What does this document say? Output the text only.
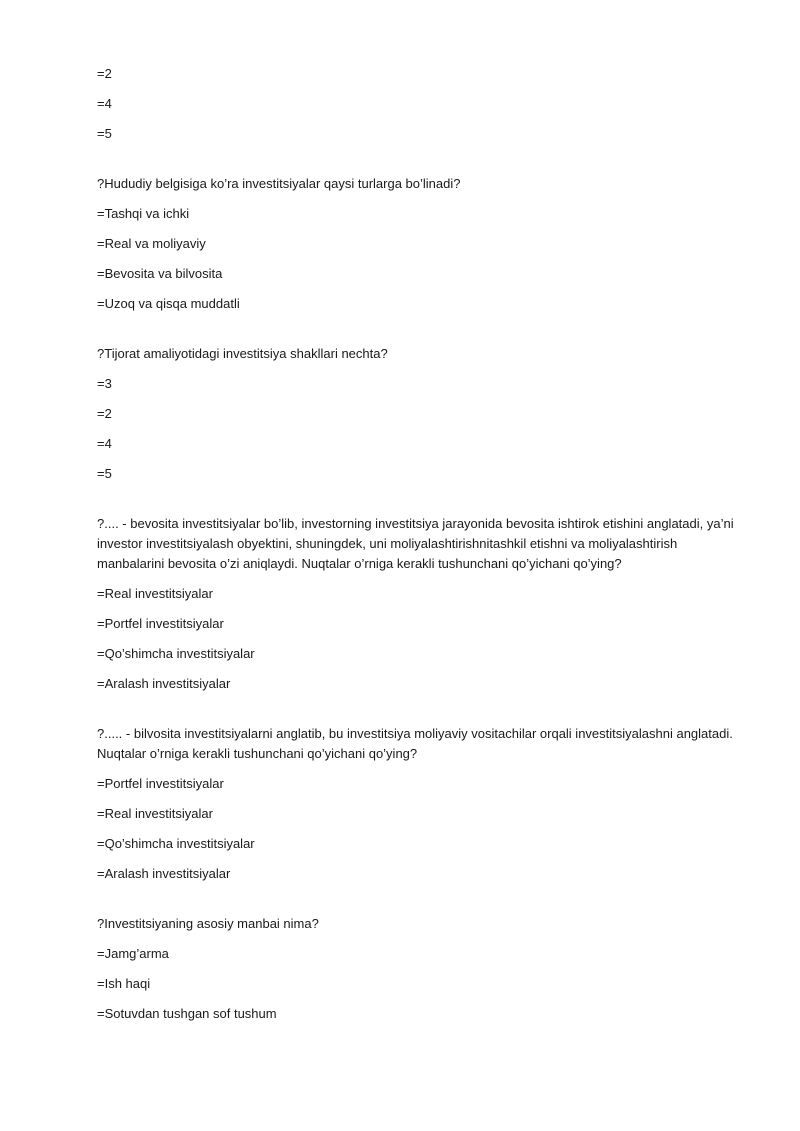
=2

=4

=5

?Hududiy belgisiga ko’ra investitsiyalar qaysi turlarga bo’linadi?

=Tashqi va ichki

=Real va moliyaviy

=Bevosita va bilvosita

=Uzoq va qisqa muddatli

?Tijorat amaliyotidagi investitsiya shakllari nechta?

=3

=2

=4

=5

?.... - bevosita investitsiyalar bo’lib, investorning investitsiya jarayonida bevosita ishtirok etishini anglatadi, ya’ni investor investitsiyalash obyektini, shuningdek, uni moliyalashtirishnitashkil etishni va moliyalashtirish manbalarini bevosita o’zi aniqlaydi. Nuqtalar o’rniga kerakli tushunchani qo’yichani qo’ying?

=Real investitsiyalar

=Portfel investitsiyalar

=Qo’shimcha investitsiyalar

=Aralash investitsiyalar

?..... - bilvosita investitsiyalarni anglatib, bu investitsiya moliyaviy vositachilar orqali investitsiyalashni anglatadi. Nuqtalar o’rniga kerakli tushunchani qo’yichani qo’ying?

=Portfel investitsiyalar

=Real investitsiyalar

=Qo’shimcha investitsiyalar

=Aralash investitsiyalar

?Investitsiyaning asosiy manbai nima?

=Jamg’arma

=Ish haqi

=Sotuvdan tushgan sof tushum
